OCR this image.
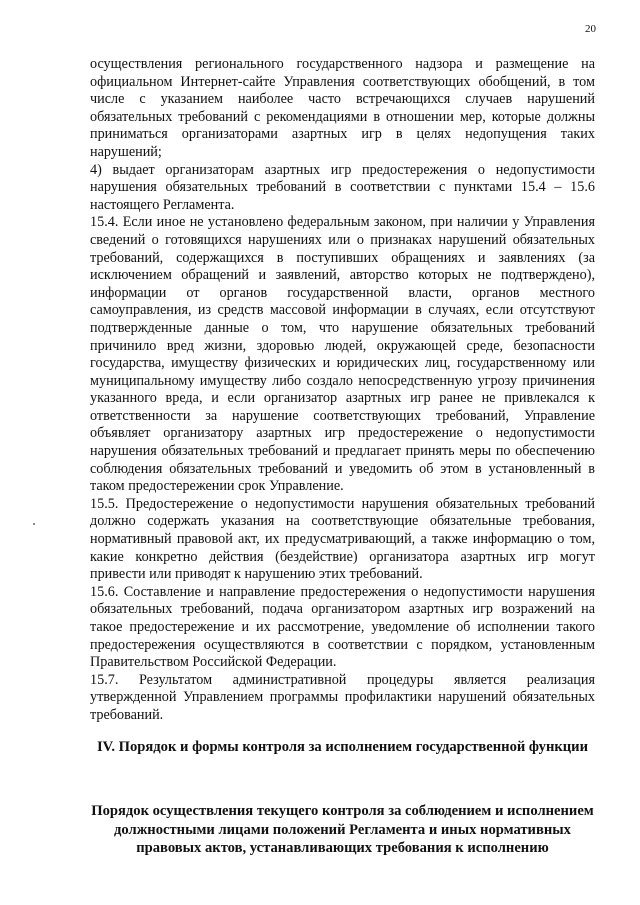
20

осуществления регионального государственного надзора и размещение на официальном Интернет-сайте Управления соответствующих обобщений, в том числе с указанием наиболее часто встречающихся случаев нарушений обязательных требований с рекомендациями в отношении мер, которые должны приниматься организаторами азартных игр в целях недопущения таких нарушений;

4) выдает организаторам азартных игр предостережения о недопустимости нарушения обязательных требований в соответствии с пунктами 15.4 – 15.6 настоящего Регламента.

15.4. Если иное не установлено федеральным законом, при наличии у Управления сведений о готовящихся нарушениях или о признаках нарушений обязательных требований, содержащихся в поступивших обращениях и заявлениях (за исключением обращений и заявлений, авторство которых не подтверждено), информации от органов государственной власти, органов местного самоуправления, из средств массовой информации в случаях, если отсутствуют подтвержденные данные о том, что нарушение обязательных требований причинило вред жизни, здоровью людей, окружающей среде, безопасности государства, имуществу физических и юридических лиц, государственному или муниципальному имуществу либо создало непосредственную угрозу причинения указанного вреда, и если организатор азартных игр ранее не привлекался к ответственности за нарушение соответствующих требований, Управление объявляет организатору азартных игр предостережение о недопустимости нарушения обязательных требований и предлагает принять меры по обеспечению соблюдения обязательных требований и уведомить об этом в установленный в таком предостережении срок Управление.

15.5. Предостережение о недопустимости нарушения обязательных требований должно содержать указания на соответствующие обязательные требования, нормативный правовой акт, их предусматривающий, а также информацию о том, какие конкретно действия (бездействие) организатора азартных игр могут привести или приводят к нарушению этих требований.

15.6. Составление и направление предостережения о недопустимости нарушения обязательных требований, подача организатором азартных игр возражений на такое предостережение и их рассмотрение, уведомление об исполнении такого предостережения осуществляются в соответствии с порядком, установленным Правительством Российской Федерации.

15.7. Результатом административной процедуры является реализация утвержденной Управлением программы профилактики нарушений обязательных требований.

IV. Порядок и формы контроля за исполнением государственной функции
Порядок осуществления текущего контроля за соблюдением и исполнением должностными лицами положений Регламента и иных нормативных правовых актов, устанавливающих требования к исполнению
